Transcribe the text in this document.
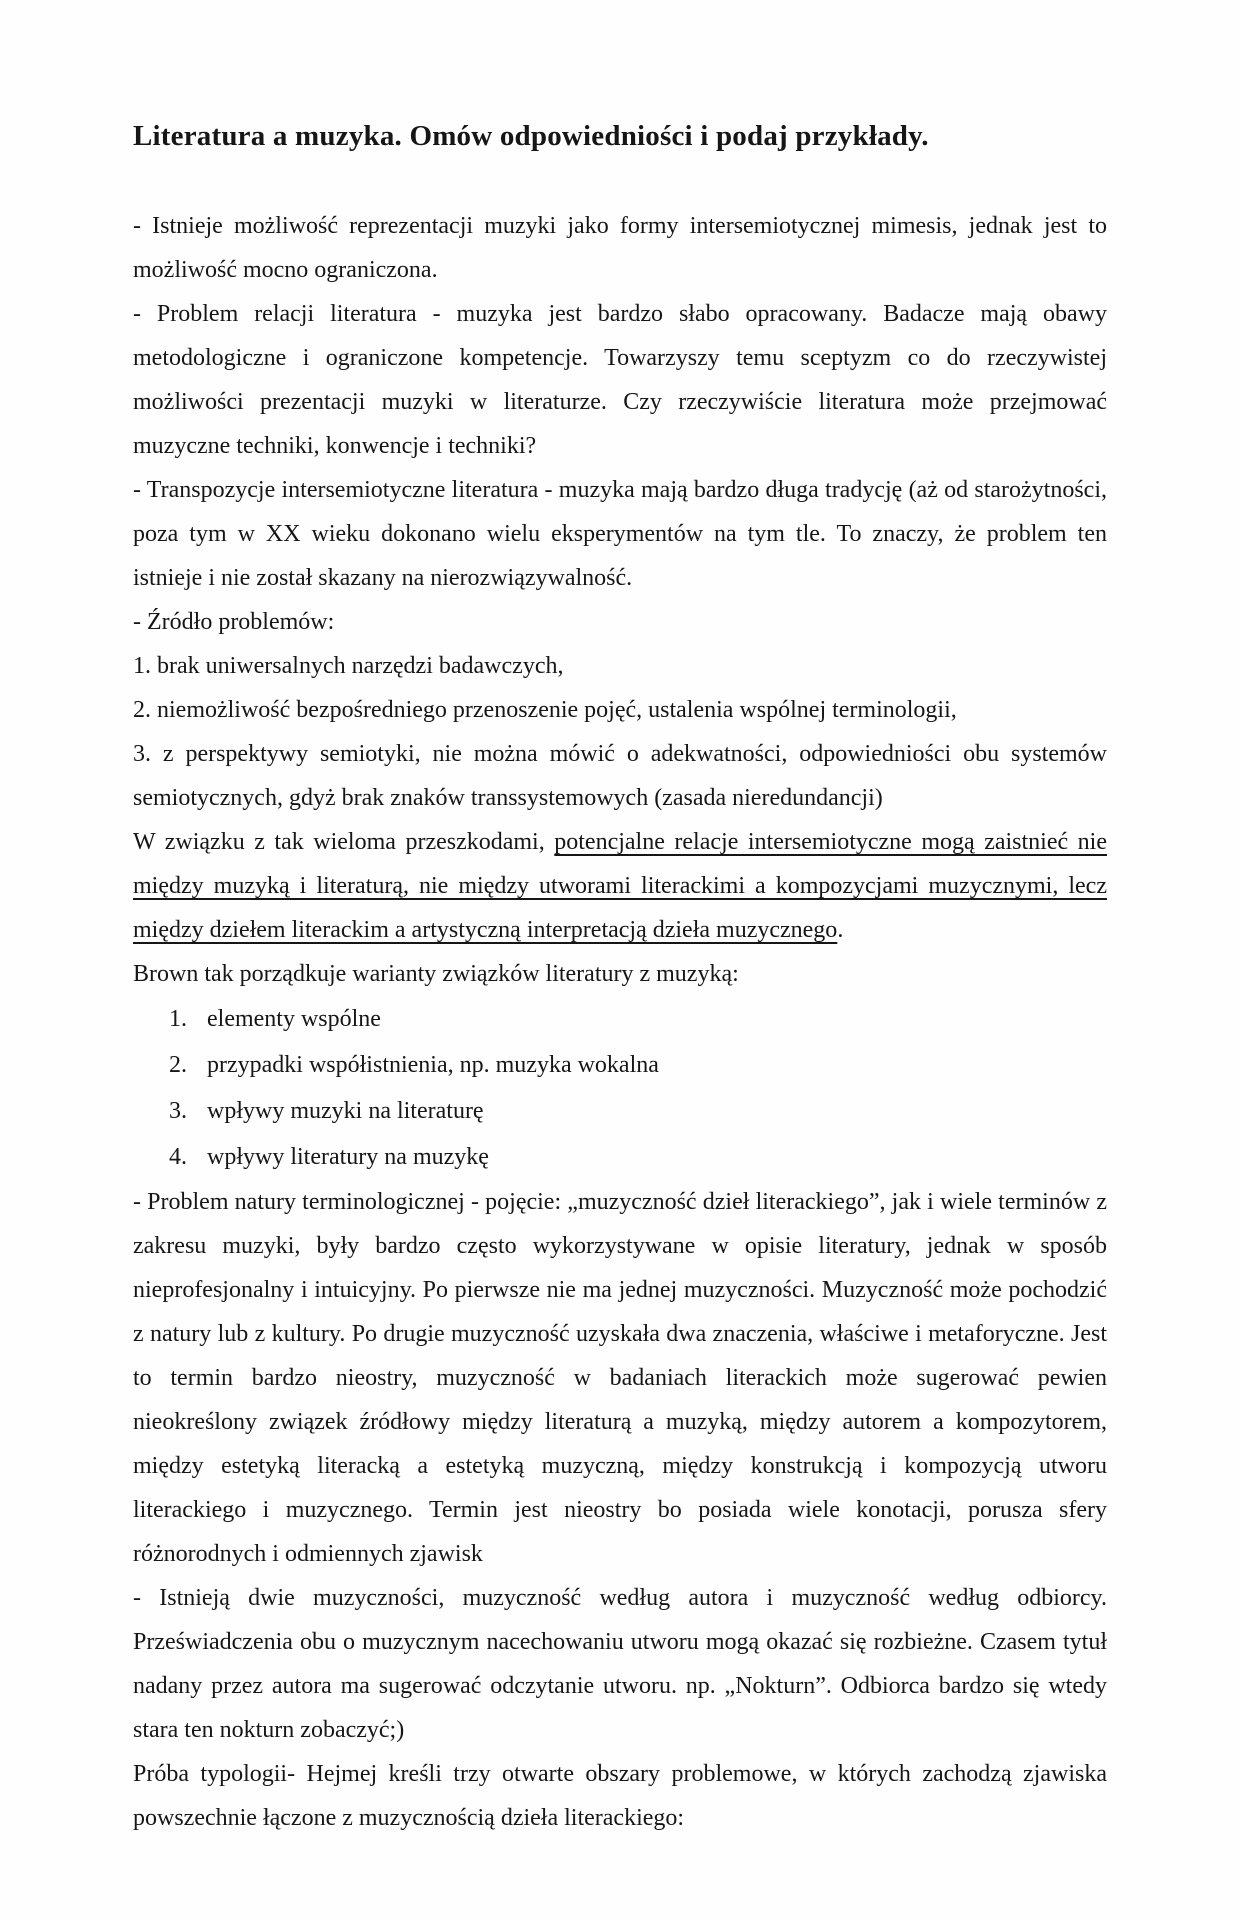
Literatura a muzyka. Omów odpowiedniości i podaj przykłady.

- Istnieje możliwość reprezentacji muzyki jako formy intersemiotycznej mimesis, jednak jest to możliwość mocno ograniczona.

- Problem relacji literatura - muzyka jest bardzo słabo opracowany. Badacze mają obawy metodologiczne i ograniczone kompetencje. Towarzyszy temu sceptyzm co do rzeczywistej możliwości prezentacji muzyki w literaturze. Czy rzeczywiście literatura może przejmować muzyczne techniki, konwencje i techniki?

- Transpozycje intersemiotyczne literatura - muzyka mają bardzo długa tradycję (aż od starożytności, poza tym w XX wieku dokonano wielu eksperymentów na tym tle. To znaczy, że problem ten istnieje i nie został skazany na nierozwiązywalność.

- Źródło problemów:

1. brak uniwersalnych narzędzi badawczych,

2. niemożliwość bezpośredniego przenoszenie pojęć, ustalenia wspólnej terminologii,

3. z perspektywy semiotyki, nie można mówić o adekwatności, odpowiedniości obu systemów semiotycznych, gdyż brak znaków transsystemowych (zasada nieredundancji)

W związku z tak wieloma przeszkodami, potencjalne relacje intersemiotyczne mogą zaistnieć nie między muzyką i literaturą, nie między utworami literackimi a kompozycjami muzycznymi, lecz między dziełem literackim a artystyczną interpretacją dzieła muzycznego.

Brown tak porządkuje warianty związków literatury z muzyką:

1. elementy wspólne
2. przypadki współistnienia, np. muzyka wokalna
3. wpływy muzyki na literaturę
4. wpływy literatury na muzykę

- Problem natury terminologicznej - pojęcie: „muzyczność dzieł literackiego”, jak i wiele terminów z zakresu muzyki, były bardzo często wykorzystywane w opisie literatury, jednak w sposób nieprofesjonalny i intuicyjny. Po pierwsze nie ma jednej muzyczności. Muzyczność może pochodzić z natury lub z kultury. Po drugie muzyczność uzyskała dwa znaczenia, właściwe i metaforyczne. Jest to termin bardzo nieostry, muzyczność w badaniach literackich może sugerować pewien nieokreślony związek źródłowy między literaturą a muzyką, między autorem a kompozytorem, między estetyką literacką a estetyką muzyczną, między konstrukcją i kompozycją utworu literackiego i muzycznego. Termin jest nieostry bo posiada wiele konotacji, porusza sfery różnorodnych i odmiennych zjawisk

- Istnieją dwie muzyczności, muzyczność według autora i muzyczność według odbiorcy. Przeświadczenia obu o muzycznym nacechowaniu utworu mogą okazać się rozbieżne. Czasem tytuł nadany przez autora ma sugerować odczytanie utworu. np. „Nokturn”. Odbiorca bardzo się wtedy stara ten nokturn zobaczyć;)

Próba typologii- Hejmej kreśli trzy otwarte obszary problemowe, w których zachodzą zjawiska powszechnie łączone z muzycznością dzieła literackiego:
